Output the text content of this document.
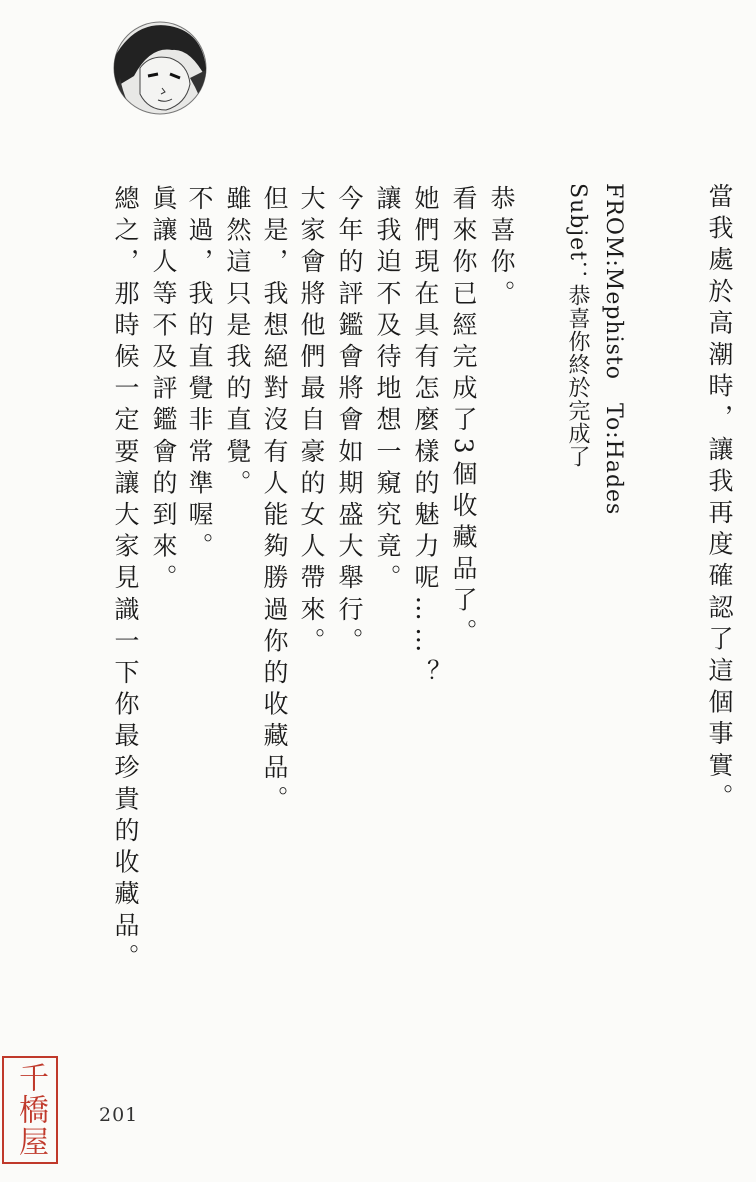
當我處於高潮時，讓我再度確認了這個事實。
FROM:Mephisto　To:Hades
Subjet：恭喜你終於完成了
恭喜你。
看來你已經完成了3個收藏品了。
她們現在具有怎麼樣的魅力呢……？
讓我迫不及待地想一窺究竟。
今年的評鑑會將會如期盛大舉行。
大家會將他們最自豪的女人帶來。
但是，我想絕對沒有人能夠勝過你的收藏品。
雖然這只是我的直覺。
不過，我的直覺非常準喔。
眞讓人等不及評鑑會的到來。
總之，那時候一定要讓大家見識一下你最珍貴的收藏品。
201
千橋屋
